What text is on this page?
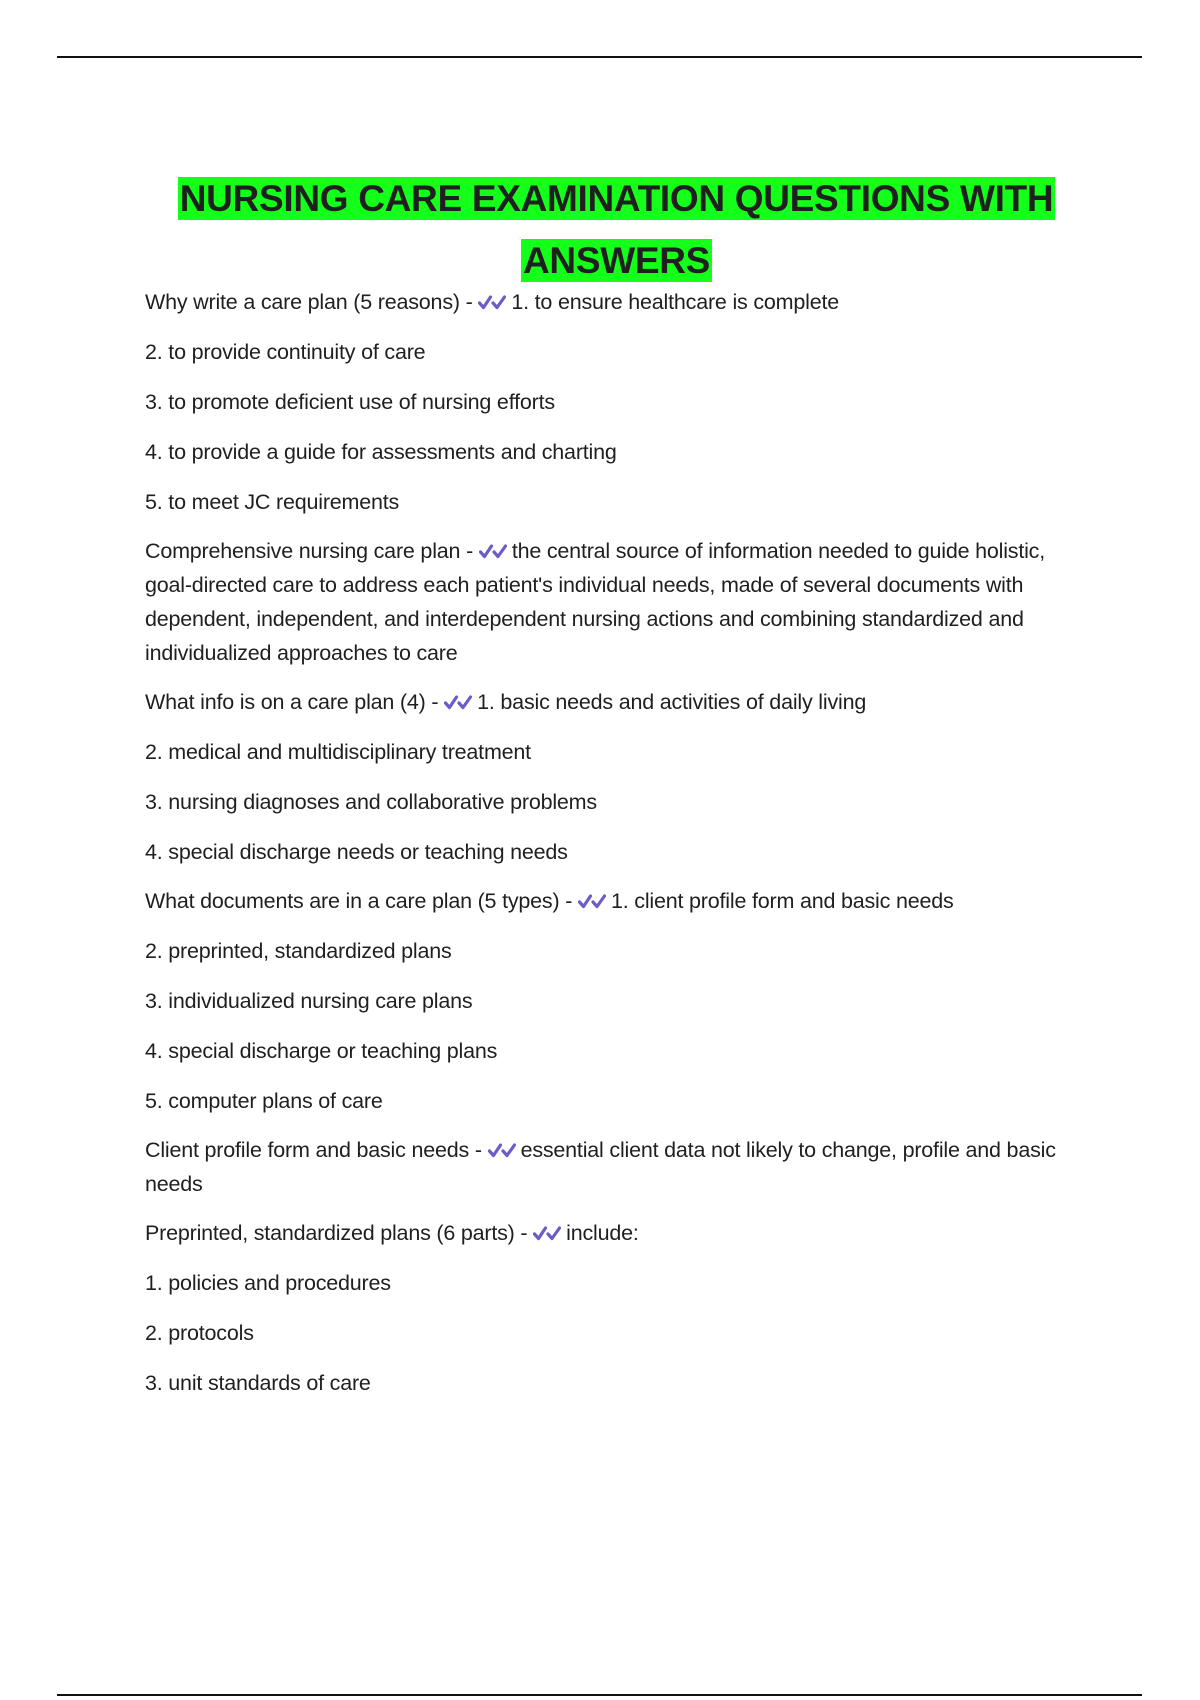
NURSING CARE EXAMINATION QUESTIONS WITH ANSWERS

Why write a care plan (5 reasons) -
1. to ensure healthcare is complete

2. to provide continuity of care

3. to promote deficient use of nursing efforts

4. to provide a guide for assessments and charting

5. to meet JC requirements

Comprehensive nursing care plan -
the central source of information needed to guide holistic, goal-directed care to address each patient's individual needs, made of several documents with dependent, independent, and interdependent nursing actions and combining standardized and individualized approaches to care

What info is on a care plan (4) -
1. basic needs and activities of daily living

2. medical and multidisciplinary treatment

3. nursing diagnoses and collaborative problems

4. special discharge needs or teaching needs

What documents are in a care plan (5 types) -
1. client profile form and basic needs

2. preprinted, standardized plans

3. individualized nursing care plans

4. special discharge or teaching plans

5. computer plans of care

Client profile form and basic needs -
essential client data not likely to change, profile and basic needs

Preprinted, standardized plans (6 parts) -
include:

1. policies and procedures

2. protocols

3. unit standards of care
